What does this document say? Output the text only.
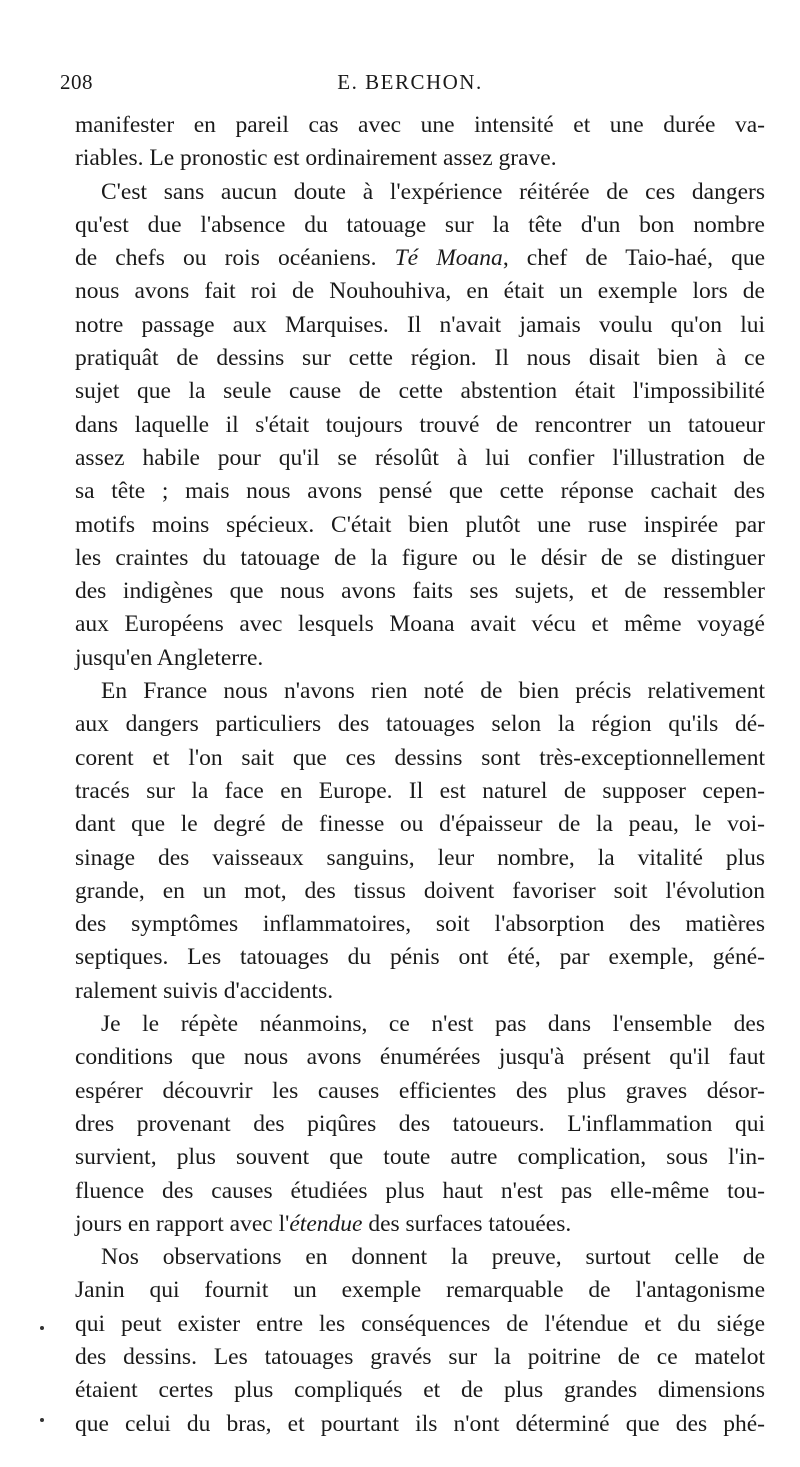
208	E. BERCHON.
manifester en pareil cas avec une intensité et une durée va-
riables. Le pronostic est ordinairement assez grave.
C'est sans aucun doute à l'expérience réitérée de ces dangers
qu'est due l'absence du tatouage sur la tête d'un bon nombre
de chefs ou rois océaniens. Té Moana, chef de Taio-haé, que
nous avons fait roi de Nouhouhiva, en était un exemple lors de
notre passage aux Marquises. Il n'avait jamais voulu qu'on lui
pratiquât de dessins sur cette région. Il nous disait bien à ce
sujet que la seule cause de cette abstention était l'impossibilité
dans laquelle il s'était toujours trouvé de rencontrer un tatoueur
assez habile pour qu'il se résolût à lui confier l'illustration de
sa tête ; mais nous avons pensé que cette réponse cachait des
motifs moins spécieux. C'était bien plutôt une ruse inspirée par
les craintes du tatouage de la figure ou le désir de se distinguer
des indigènes que nous avons faits ses sujets, et de ressembler
aux Européens avec lesquels Moana avait vécu et même voyagé
jusqu'en Angleterre.
En France nous n'avons rien noté de bien précis relativement
aux dangers particuliers des tatouages selon la région qu'ils dé-
corent et l'on sait que ces dessins sont très-exceptionnellement
tracés sur la face en Europe. Il est naturel de supposer cepen-
dant que le degré de finesse ou d'épaisseur de la peau, le voi-
sinage des vaisseaux sanguins, leur nombre, la vitalité plus
grande, en un mot, des tissus doivent favoriser soit l'évolution
des symptômes inflammatoires, soit l'absorption des matières
septiques. Les tatouages du pénis ont été, par exemple, géné-
ralement suivis d'accidents.
Je le répète néanmoins, ce n'est pas dans l'ensemble des
conditions que nous avons énumérées jusqu'à présent qu'il faut
espérer découvrir les causes efficientes des plus graves désor-
dres provenant des piqûres des tatoueurs. L'inflammation qui
survient, plus souvent que toute autre complication, sous l'in-
fluence des causes étudiées plus haut n'est pas elle-même tou-
jours en rapport avec l'étendue des surfaces tatouées.
Nos observations en donnent la preuve, surtout celle de
Janin qui fournit un exemple remarquable de l'antagonisme
qui peut exister entre les conséquences de l'étendue et du siége
des dessins. Les tatouages gravés sur la poitrine de ce matelot
étaient certes plus compliqués et de plus grandes dimensions
que celui du bras, et pourtant ils n'ont déterminé que des phé-
